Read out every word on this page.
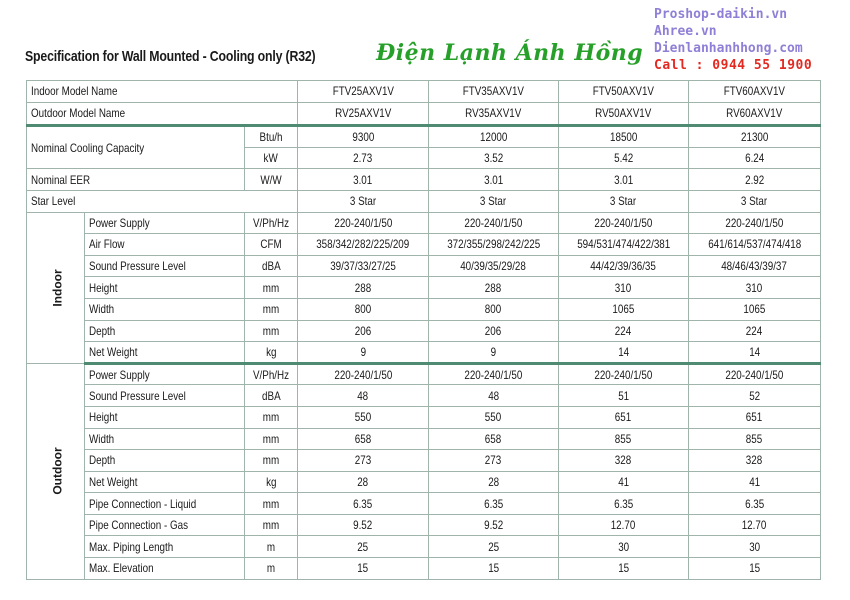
Specification for Wall Mounted - Cooling only (R32)	Điện Lạnh Ánh Hồng
Proshop-daikin.vn
Ahree.vn
Dienlanhanhhong.com
Call : 0944 55 1900
Indoor Model Name			FTV25AXV1V	FTV35AXV1V	FTV50AXV1V	FTV60AXV1V
Outdoor Model Name			RV25AXV1V	RV35AXV1V	RV50AXV1V	RV60AXV1V
Nominal Cooling Capacity		Btu/h	9300	12000	18500	21300
		kW	2.73	3.52	5.42	6.24
Nominal EER		W/W	3.01	3.01	3.01	2.92
Star Level			3 Star	3 Star	3 Star	3 Star
Indoor	Power Supply	V/Ph/Hz	220-240/1/50	220-240/1/50	220-240/1/50	220-240/1/50
	Air Flow	CFM	358/342/282/225/209	372/355/298/242/225	594/531/474/422/381	641/614/537/474/418
	Sound Pressure Level	dBA	39/37/33/27/25	40/39/35/29/28	44/42/39/36/35	48/46/43/39/37
	Height	mm	288	288	310	310
	Width	mm	800	800	1065	1065
	Depth	mm	206	206	224	224
	Net Weight	kg	9	9	14	14
Outdoor	Power Supply	V/Ph/Hz	220-240/1/50	220-240/1/50	220-240/1/50	220-240/1/50
	Sound Pressure Level	dBA	48	48	51	52
	Height	mm	550	550	651	651
	Width	mm	658	658	855	855
	Depth	mm	273	273	328	328
	Net Weight	kg	28	28	41	41
	Pipe Connection - Liquid	mm	6.35	6.35	6.35	6.35
	Pipe Connection - Gas	mm	9.52	9.52	12.70	12.70
	Max. Piping Length	m	25	25	30	30
	Max. Elevation	m	15	15	15	15
